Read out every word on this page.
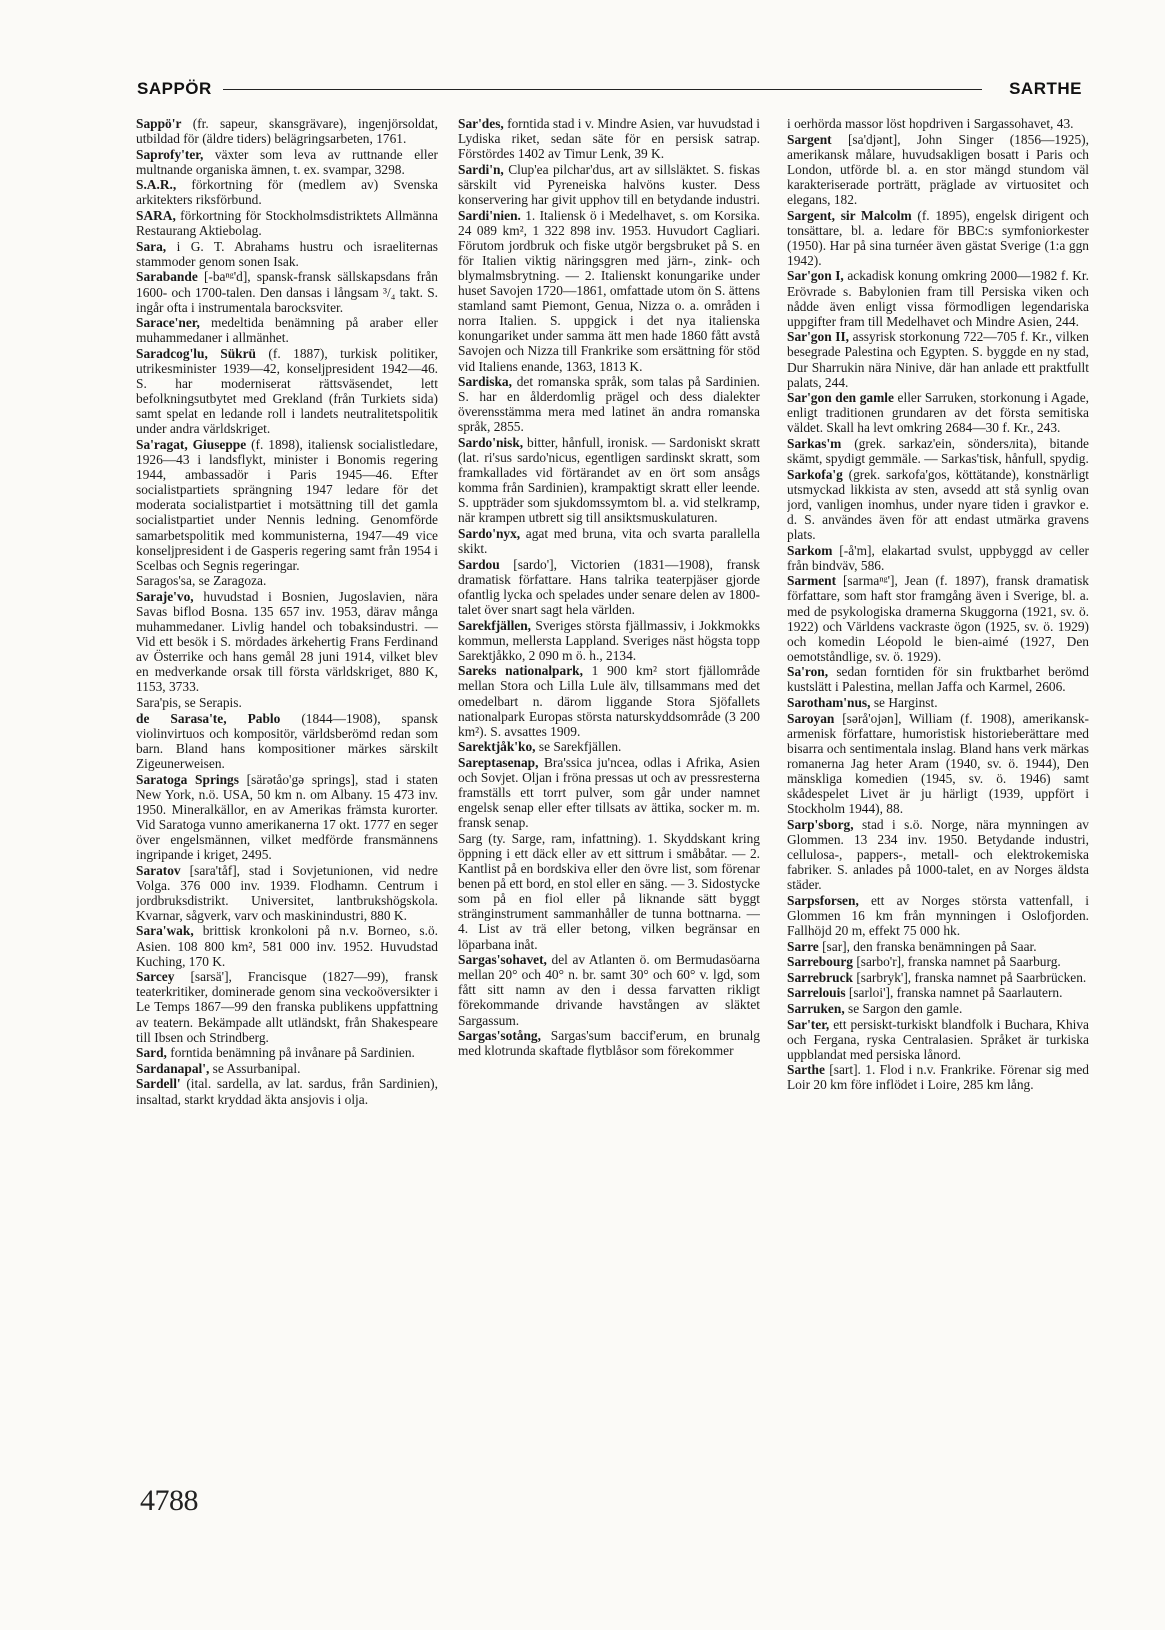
SAPPÖR	SARTHE

Sappö'r (fr. sapeur, skansgrävare), ingenjörsoldat, utbildad för (äldre tiders) belägringsarbeten, 1761.

Saprofy'ter, växter som leva av ruttnande eller multnande organiska ämnen, t. ex. svampar, 3298.

S.A.R., förkortning för (medlem av) Svenska arkitekters riksförbund.

SARA, förkortning för Stockholmsdistriktets Allmänna Restaurang Aktiebolag.

Sara, i G. T. Abrahams hustru och israeliternas stammoder genom sonen Isak.

Sarabande [-baⁿᵍ'd], spansk-fransk sällskapsdans från 1600- och 1700-talen. Den dansas i långsam ³/₄ takt. S. ingår ofta i instrumentala barocksviter.

Sarace'ner, medeltida benämning på araber eller muhammedaner i allmänhet.

Saradcog'lu, Sükrü (f. 1887), turkisk politiker, utrikesminister 1939—42, konseljpresident 1942—46. S. har moderniserat rättsväsendet, lett befolkningsutbytet med Grekland (från Turkiets sida) samt spelat en ledande roll i landets neutralitetspolitik under andra världskriget.

Sa'ragat, Giuseppe (f. 1898), italiensk socialistledare, 1926—43 i landsflykt, minister i Bonomis regering 1944, ambassadör i Paris 1945—46. Efter socialistpartiets sprängning 1947 ledare för det moderata socialistpartiet i motsättning till det gamla socialistpartiet under Nennis ledning. Genomförde samarbetspolitik med kommunisterna, 1947—49 vice konseljpresident i de Gasperis regering samt från 1954 i Scelbas och Segnis regeringar.

Saragos'sa, se Zaragoza.

Saraje'vo, huvudstad i Bosnien, Jugoslavien, nära Savas biflod Bosna. 135 657 inv. 1953, därav många muhammedaner. Livlig handel och tobaksindustri. — Vid ett besök i S. mördades ärkehertig Frans Ferdinand av Österrike och hans gemål 28 juni 1914, vilket blev en medverkande orsak till första världskriget, 880 K, 1153, 3733.

Sara'pis, se Serapis.

de Sarasa'te, Pablo (1844—1908), spansk violinvirtuos och kompositör, världsberömd redan som barn. Bland hans kompositioner märkes särskilt Zigeunerweisen.

Saratoga Springs [särətåo'gə springs], stad i staten New York, n.ö. USA, 50 km n. om Albany. 15 473 inv. 1950. Mineralkällor, en av Amerikas främsta kurorter. Vid Saratoga vunno amerikanerna 17 okt. 1777 en seger över engelsmännen, vilket medförde fransmännens ingripande i kriget, 2495.

Saratov [sara'tåf], stad i Sovjetunionen, vid nedre Volga. 376 000 inv. 1939. Flodhamn. Centrum i jordbruksdistrikt. Universitet, lantbrukshögskola. Kvarnar, sågverk, varv och maskinindustri, 880 K.

Sara'wak, brittisk kronkoloni på n.v. Borneo, s.ö. Asien. 108 800 km², 581 000 inv. 1952. Huvudstad Kuching, 170 K.

Sarcey [sarsä'], Francisque (1827—99), fransk teaterkritiker, dominerade genom sina veckoöversikter i Le Temps 1867—99 den franska publikens uppfattning av teatern. Bekämpade allt utländskt, från Shakespeare till Ibsen och Strindberg.

Sard, forntida benämning på invånare på Sardinien.

Sardanapal', se Assurbanipal.

Sardell' (ital. sardella, av lat. sardus, från Sardinien), insaltad, starkt kryddad äkta ansjovis i olja.

Sar'des, forntida stad i v. Mindre Asien, var huvudstad i Lydiska riket, sedan säte för en persisk satrap. Förstördes 1402 av Timur Lenk, 39 K.

Sardi'n, Clup'ea pilchar'dus, art av sillsläktet. S. fiskas särskilt vid Pyreneiska halvöns kuster. Dess konservering har givit upphov till en betydande industri.

Sardi'nien. 1. Italiensk ö i Medelhavet, s. om Korsika. 24 089 km², 1 322 898 inv. 1953. Huvudort Cagliari. Förutom jordbruk och fiske utgör bergsbruket på S. en för Italien viktig näringsgren med järn-, zink- och blymalmsbrytning. — 2. Italienskt konungarike under huset Savojen 1720—1861, omfattade utom ön S. ättens stamland samt Piemont, Genua, Nizza o. a. områden i norra Italien. S. uppgick i det nya italienska konungariket under samma ätt men hade 1860 fått avstå Savojen och Nizza till Frankrike som ersättning för stöd vid Italiens enande, 1363, 1813 K.

Sardiska, det romanska språk, som talas på Sardinien. S. har en ålderdomlig prägel och dess dialekter överensstämma mera med latinet än andra romanska språk, 2855.

Sardo'nisk, bitter, hånfull, ironisk. — Sardoniskt skratt (lat. ri'sus sardo'nicus, egentligen sardinskt skratt, som framkallades vid förtärandet av en ört som ansågs komma från Sardinien), krampaktigt skratt eller leende. S. uppträder som sjukdomssymtom bl. a. vid stelkramp, när krampen utbrett sig till ansiktsmuskulaturen.

Sardo'nyx, agat med bruna, vita och svarta parallella skikt.

Sardou [sardo'], Victorien (1831—1908), fransk dramatisk författare. Hans talrika teaterpjäser gjorde ofantlig lycka och spelades under senare delen av 1800-talet över snart sagt hela världen.

Sarekfjällen, Sveriges största fjällmassiv, i Jokkmokks kommun, mellersta Lappland. Sveriges näst högsta topp Sarektjåkko, 2 090 m ö. h., 2134.

Sareks nationalpark, 1 900 km² stort fjällområde mellan Stora och Lilla Lule älv, tillsammans med det omedelbart n. därom liggande Stora Sjöfallets nationalpark Europas största naturskyddsområde (3 200 km²). S. avsattes 1909.

Sarektjåk'ko, se Sarekfjällen.

Sareptasenap, Bra'ssica ju'ncea, odlas i Afrika, Asien och Sovjet. Oljan i fröna pressas ut och av pressresterna framställs ett torrt pulver, som går under namnet engelsk senap eller efter tillsats av ättika, socker m. m. fransk senap.

Sarg (ty. Sarge, ram, infattning). 1. Skyddskant kring öppning i ett däck eller av ett sittrum i småbåtar. — 2. Kantlist på en bordskiva eller den övre list, som förenar benen på ett bord, en stol eller en säng. — 3. Sidostycke som på en fiol eller på liknande sätt byggt stränginstrument sammanhåller de tunna bottnarna. — 4. List av trä eller betong, vilken begränsar en löparbana inåt.

Sargas'sohavet, del av Atlanten ö. om Bermudasöarna mellan 20° och 40° n. br. samt 30° och 60° v. lgd, som fått sitt namn av den i dessa farvatten rikligt förekommande drivande havstången av släktet Sargassum.

Sargas'sotång, Sargas'sum baccif'erum, en brunalg med klotrunda skaftade flytblåsor som förekommer

i oerhörda massor löst hopdriven i Sargassohavet, 43.

Sargent [sa'djənt], John Singer (1856—1925), amerikansk målare, huvudsakligen bosatt i Paris och London, utförde bl. a. en stor mängd stundom väl karakteriserade porträtt, präglade av virtuositet och elegans, 182.

Sargent, sir Malcolm (f. 1895), engelsk dirigent och tonsättare, bl. a. ledare för BBC:s symfoniorkester (1950). Har på sina turnéer även gästat Sverige (1:a ggn 1942).

Sar'gon I, ackadisk konung omkring 2000—1982 f. Kr. Erövrade s. Babylonien fram till Persiska viken och nådde även enligt vissa förmodligen legendariska uppgifter fram till Medelhavet och Mindre Asien, 244.

Sar'gon II, assyrisk storkonung 722—705 f. Kr., vilken besegrade Palestina och Egypten. S. byggde en ny stad, Dur Sharrukin nära Ninive, där han anlade ett praktfullt palats, 244.

Sar'gon den gamle eller Sarruken, storkonung i Agade, enligt traditionen grundaren av det första semitiska väldet. Skall ha levt omkring 2684—30 f. Kr., 243.

Sarkas'm (grek. sarkaz'ein, söndersлita), bitande skämt, spydigt gemmäle. — Sarkas'tisk, hånfull, spydig.

Sarkofa'g (grek. sarkofa'gos, köttätande), konstnärligt utsmyckad likkista av sten, avsedd att stå synlig ovan jord, vanligen inomhus, under nyare tiden i gravkor e. d. S. användes även för att endast utmärka gravens plats.

Sarkom [-å'm], elakartad svulst, uppbyggd av celler från bindväv, 586.

Sarment [sarmaⁿᵍ'], Jean (f. 1897), fransk dramatisk författare, som haft stor framgång även i Sverige, bl. a. med de psykologiska dramerna Skuggorna (1921, sv. ö. 1922) och Världens vackraste ögon (1925, sv. ö. 1929) och komedin Léopold le bien-aimé (1927, Den oemotståndlige, sv. ö. 1929).

Sa'ron, sedan forntiden för sin fruktbarhet berömd kustslätt i Palestina, mellan Jaffa och Karmel, 2606.

Sarotham'nus, se Harginst.

Saroyan [sərå'ojən], William (f. 1908), amerikansk-armenisk författare, humoristisk historieberättare med bisarra och sentimentala inslag. Bland hans verk märkas romanerna Jag heter Aram (1940, sv. ö. 1944), Den mänskliga komedien (1945, sv. ö. 1946) samt skådespelet Livet är ju härligt (1939, uppfört i Stockholm 1944), 88.

Sarp'sborg, stad i s.ö. Norge, nära mynningen av Glommen. 13 234 inv. 1950. Betydande industri, cellulosa-, pappers-, metall- och elektrokemiska fabriker. S. anlades på 1000-talet, en av Norges äldsta städer.

Sarpsforsen, ett av Norges största vattenfall, i Glommen 16 km från mynningen i Oslofjorden. Fallhöjd 20 m, effekt 75 000 hk.

Sarre [sar], den franska benämningen på Saar.

Sarrebourg [sarbo'r], franska namnet på Saarburg.

Sarrebruck [sarbryk'], franska namnet på Saarbrücken.

Sarrelouis [sarloi'], franska namnet på Saarlautern.

Sarruken, se Sargon den gamle.

Sar'ter, ett persiskt-turkiskt blandfolk i Buchara, Khiva och Fergana, ryska Centralasien. Språket är turkiska uppblandat med persiska lånord.

Sarthe [sart]. 1. Flod i n.v. Frankrike. Förenar sig med Loir 20 km före inflödet i Loire, 285 km lång.

4788
